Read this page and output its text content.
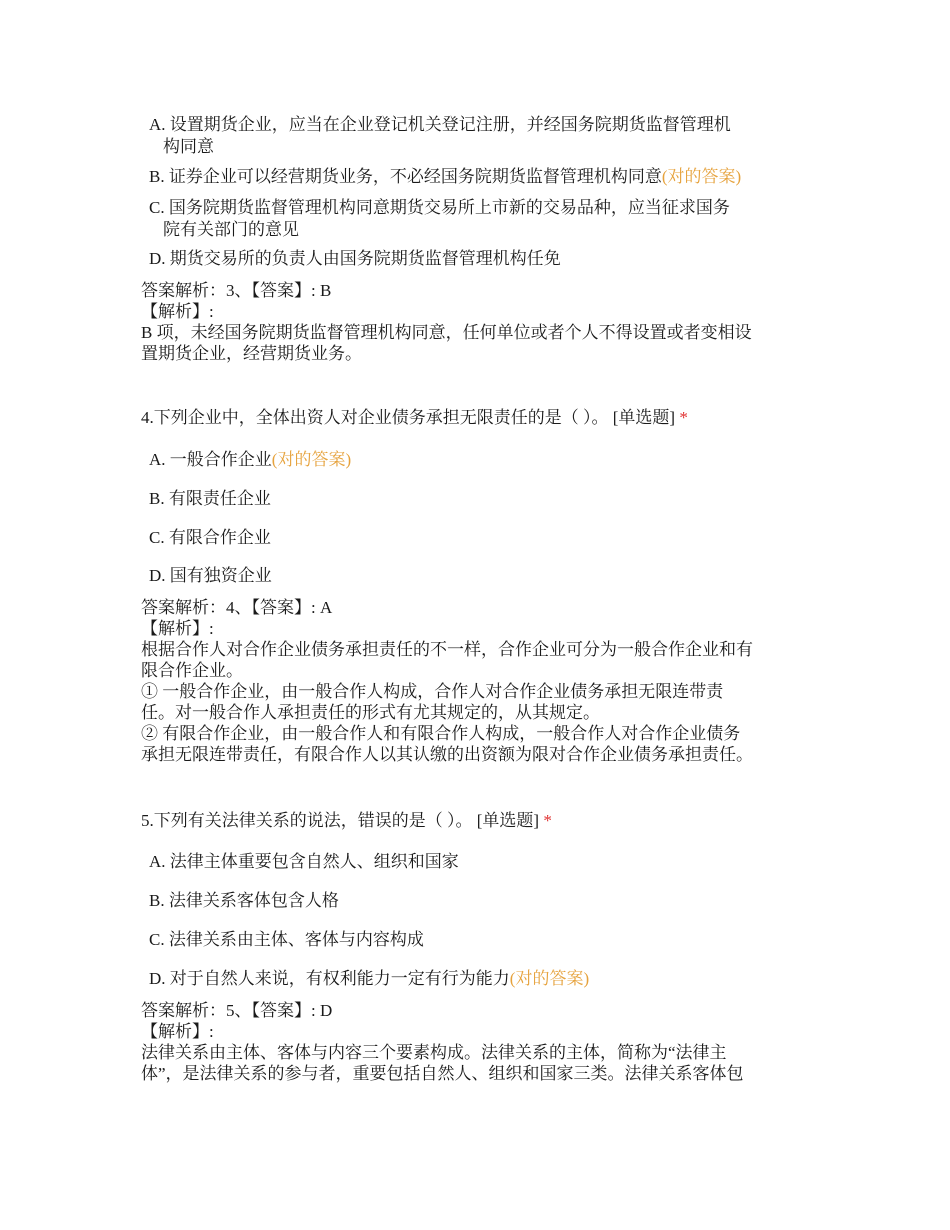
A. 设置期货企业，应当在企业登记机关登记注册，并经国务院期货监督管理机
构同意
B. 证券企业可以经营期货业务，不必经国务院期货监督管理机构同意(对的答案)
C. 国务院期货监督管理机构同意期货交易所上市新的交易品种，应当征求国务
院有关部门的意见
D. 期货交易所的负责人由国务院期货监督管理机构任免
答案解析：3、【答案】: B
【解析】:
B 项，未经国务院期货监督管理机构同意，任何单位或者个人不得设置或者变相设
置期货企业，经营期货业务。
4.下列企业中，全体出资人对企业债务承担无限责任的是（ ）。 [单选题] *
A. 一般合作企业(对的答案)
B. 有限责任企业
C. 有限合作企业
D. 国有独资企业
答案解析：4、【答案】: A
【解析】:
根据合作人对合作企业债务承担责任的不一样，合作企业可分为一般合作企业和有
限合作企业。
① 一般合作企业，由一般合作人构成，合作人对合作企业债务承担无限连带责
任。对一般合作人承担责任的形式有尤其规定的，从其规定。
② 有限合作企业，由一般合作人和有限合作人构成，一般合作人对合作企业债务
承担无限连带责任，有限合作人以其认缴的出资额为限对合作企业债务承担责任。
5.下列有关法律关系的说法，错误的是（ ）。 [单选题] *
A. 法律主体重要包含自然人、组织和国家
B. 法律关系客体包含人格
C. 法律关系由主体、客体与内容构成
D. 对于自然人来说，有权利能力一定有行为能力(对的答案)
答案解析：5、【答案】: D
【解析】:
法律关系由主体、客体与内容三个要素构成。法律关系的主体，简称为“法律主
体”，是法律关系的参与者，重要包括自然人、组织和国家三类。法律关系客体包
